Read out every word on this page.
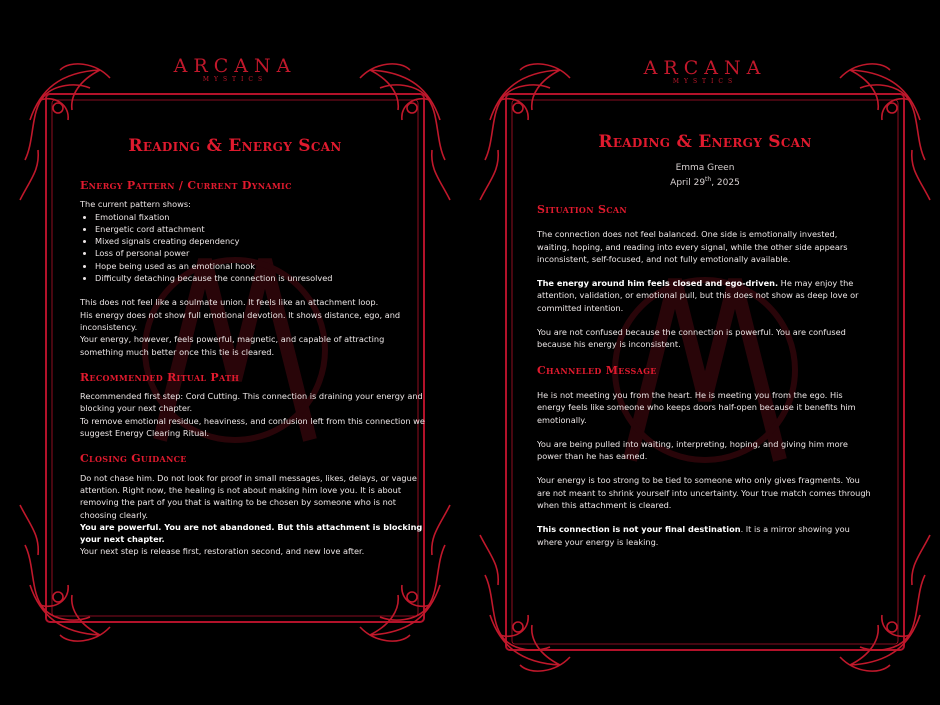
ARCANA
MYSTICS
Reading & Energy Scan
Energy Pattern / Current Dynamic

The current pattern shows:

• Emotional fixation
• Energetic cord attachment
• Mixed signals creating dependency
• Loss of personal power
• Hope being used as an emotional hook
• Difficulty detaching because the connection is unresolved

This does not feel like a soulmate union. It feels like an attachment loop.

His energy does not show full emotional devotion. It shows distance, ego, and inconsistency.

Your energy, however, feels powerful, magnetic, and capable of attracting something much better once this tie is cleared.

Recommended Ritual Path

Recommended first step: Cord Cutting. This connection is draining your energy and blocking your next chapter.

To remove emotional residue, heaviness, and confusion left from this connection we suggest Energy Clearing Ritual.

Closing Guidance

Do not chase him. Do not look for proof in small messages, likes, delays, or vague attention. Right now, the healing is not about making him love you. It is about removing the part of you that is waiting to be chosen by someone who is not choosing clearly.

You are powerful. You are not abandoned. But this attachment is blocking your next chapter.

Your next step is release first, restoration second, and new love after.

ARCANA
MYSTICS
Reading & Energy Scan
Emma Green
April 29th, 2025
Situation Scan

The connection does not feel balanced. One side is emotionally invested, waiting, hoping, and reading into every signal, while the other side appears inconsistent, self-focused, and not fully emotionally available.

The energy around him feels closed and ego-driven. He may enjoy the attention, validation, or emotional pull, but this does not show as deep love or committed intention.

You are not confused because the connection is powerful. You are confused because his energy is inconsistent.

Channeled Message

He is not meeting you from the heart. He is meeting you from the ego. His energy feels like someone who keeps doors half-open because it benefits him emotionally.

You are being pulled into waiting, interpreting, hoping, and giving him more power than he has earned.

Your energy is too strong to be tied to someone who only gives fragments. You are not meant to shrink yourself into uncertainty. Your true match comes through when this attachment is cleared.

This connection is not your final destination. It is a mirror showing you where your energy is leaking.
